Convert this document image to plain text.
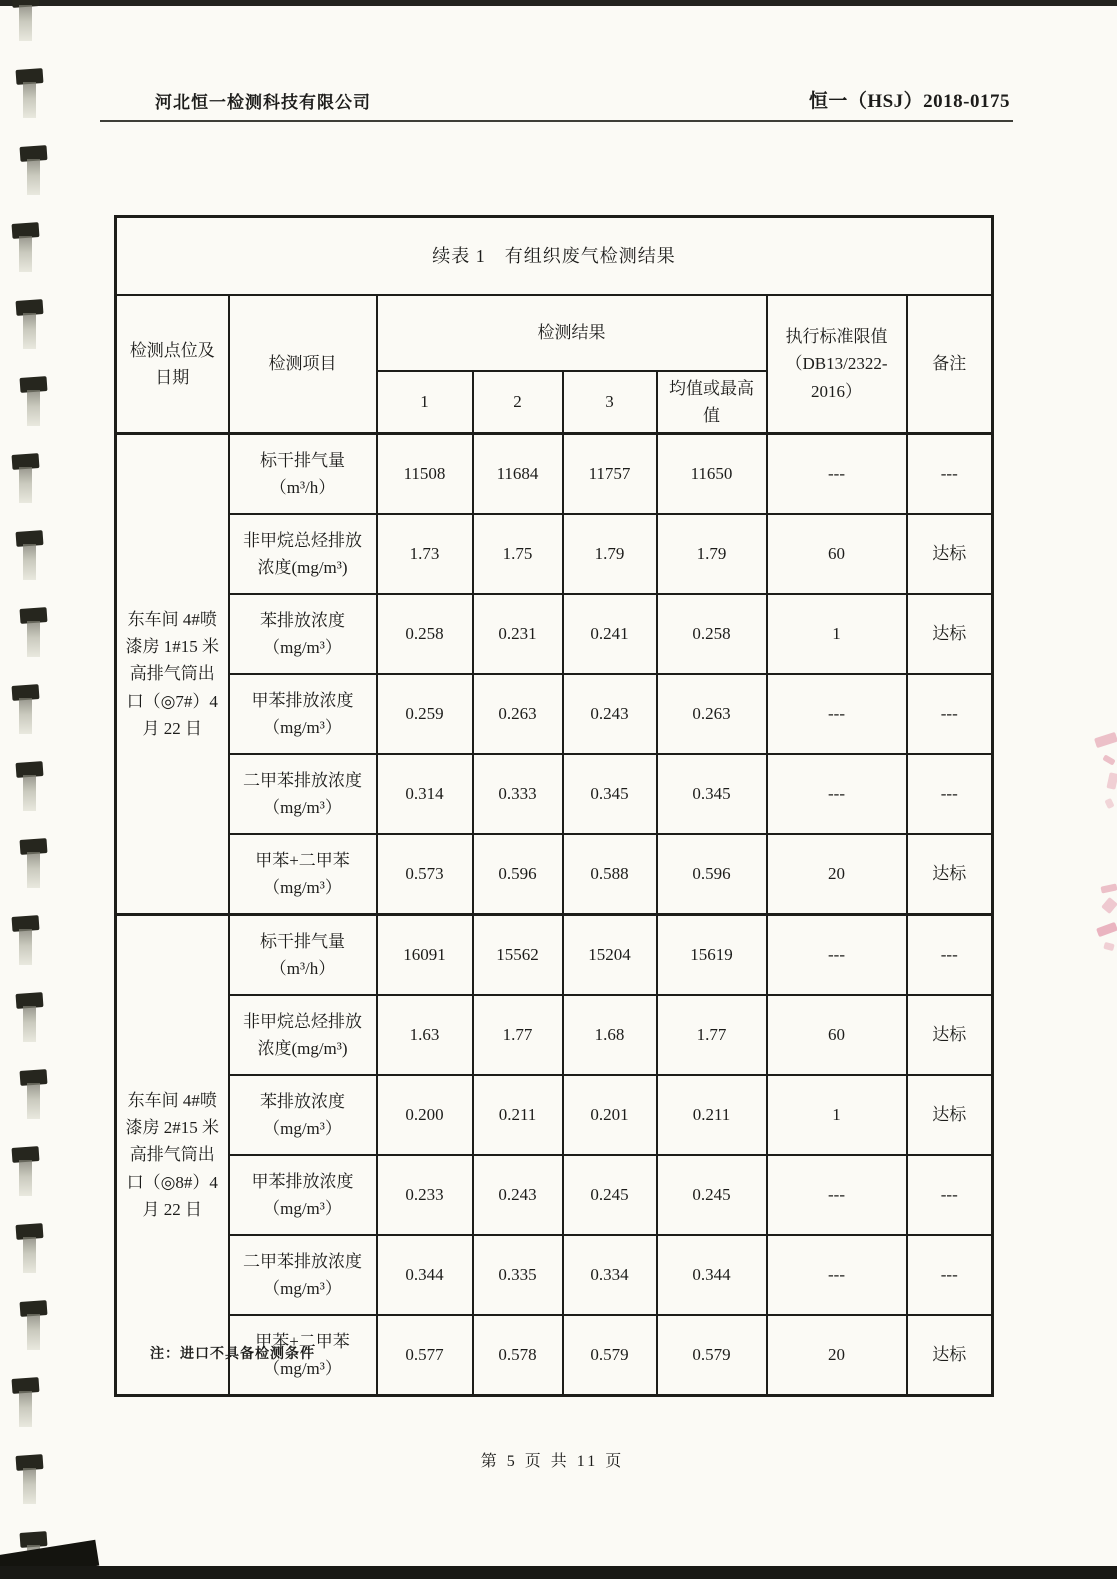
河北恒一检测科技有限公司	恒一（HSJ）2018-0175
续表 1　有组织废气检测结果							
检测点位及日期	检测项目	检测结果				执行标准限值（DB13/2322-2016）	备注
		1	2	3	均值或最高值		
东车间 4#喷漆房 1#15 米高排气筒出口（◎7#）4 月 22 日	标干排气量（m³/h）	11508	11684	11757	11650	---	---
	非甲烷总烃排放浓度(mg/m³)	1.73	1.75	1.79	1.79	60	达标
	苯排放浓度（mg/m³）	0.258	0.231	0.241	0.258	1	达标
	甲苯排放浓度（mg/m³）	0.259	0.263	0.243	0.263	---	---
	二甲苯排放浓度（mg/m³）	0.314	0.333	0.345	0.345	---	---
	甲苯+二甲苯（mg/m³）	0.573	0.596	0.588	0.596	20	达标
东车间 4#喷漆房 2#15 米高排气筒出口（◎8#）4 月 22 日	标干排气量（m³/h）	16091	15562	15204	15619	---	---
	非甲烷总烃排放浓度(mg/m³)	1.63	1.77	1.68	1.77	60	达标
	苯排放浓度（mg/m³）	0.200	0.211	0.201	0.211	1	达标
	甲苯排放浓度（mg/m³）	0.233	0.243	0.245	0.245	---	---
	二甲苯排放浓度（mg/m³）	0.344	0.335	0.334	0.344	---	---
	甲苯+二甲苯（mg/m³）	0.577	0.578	0.579	0.579	20	达标
注：进口不具备检测条件
第 5 页 共 11 页
